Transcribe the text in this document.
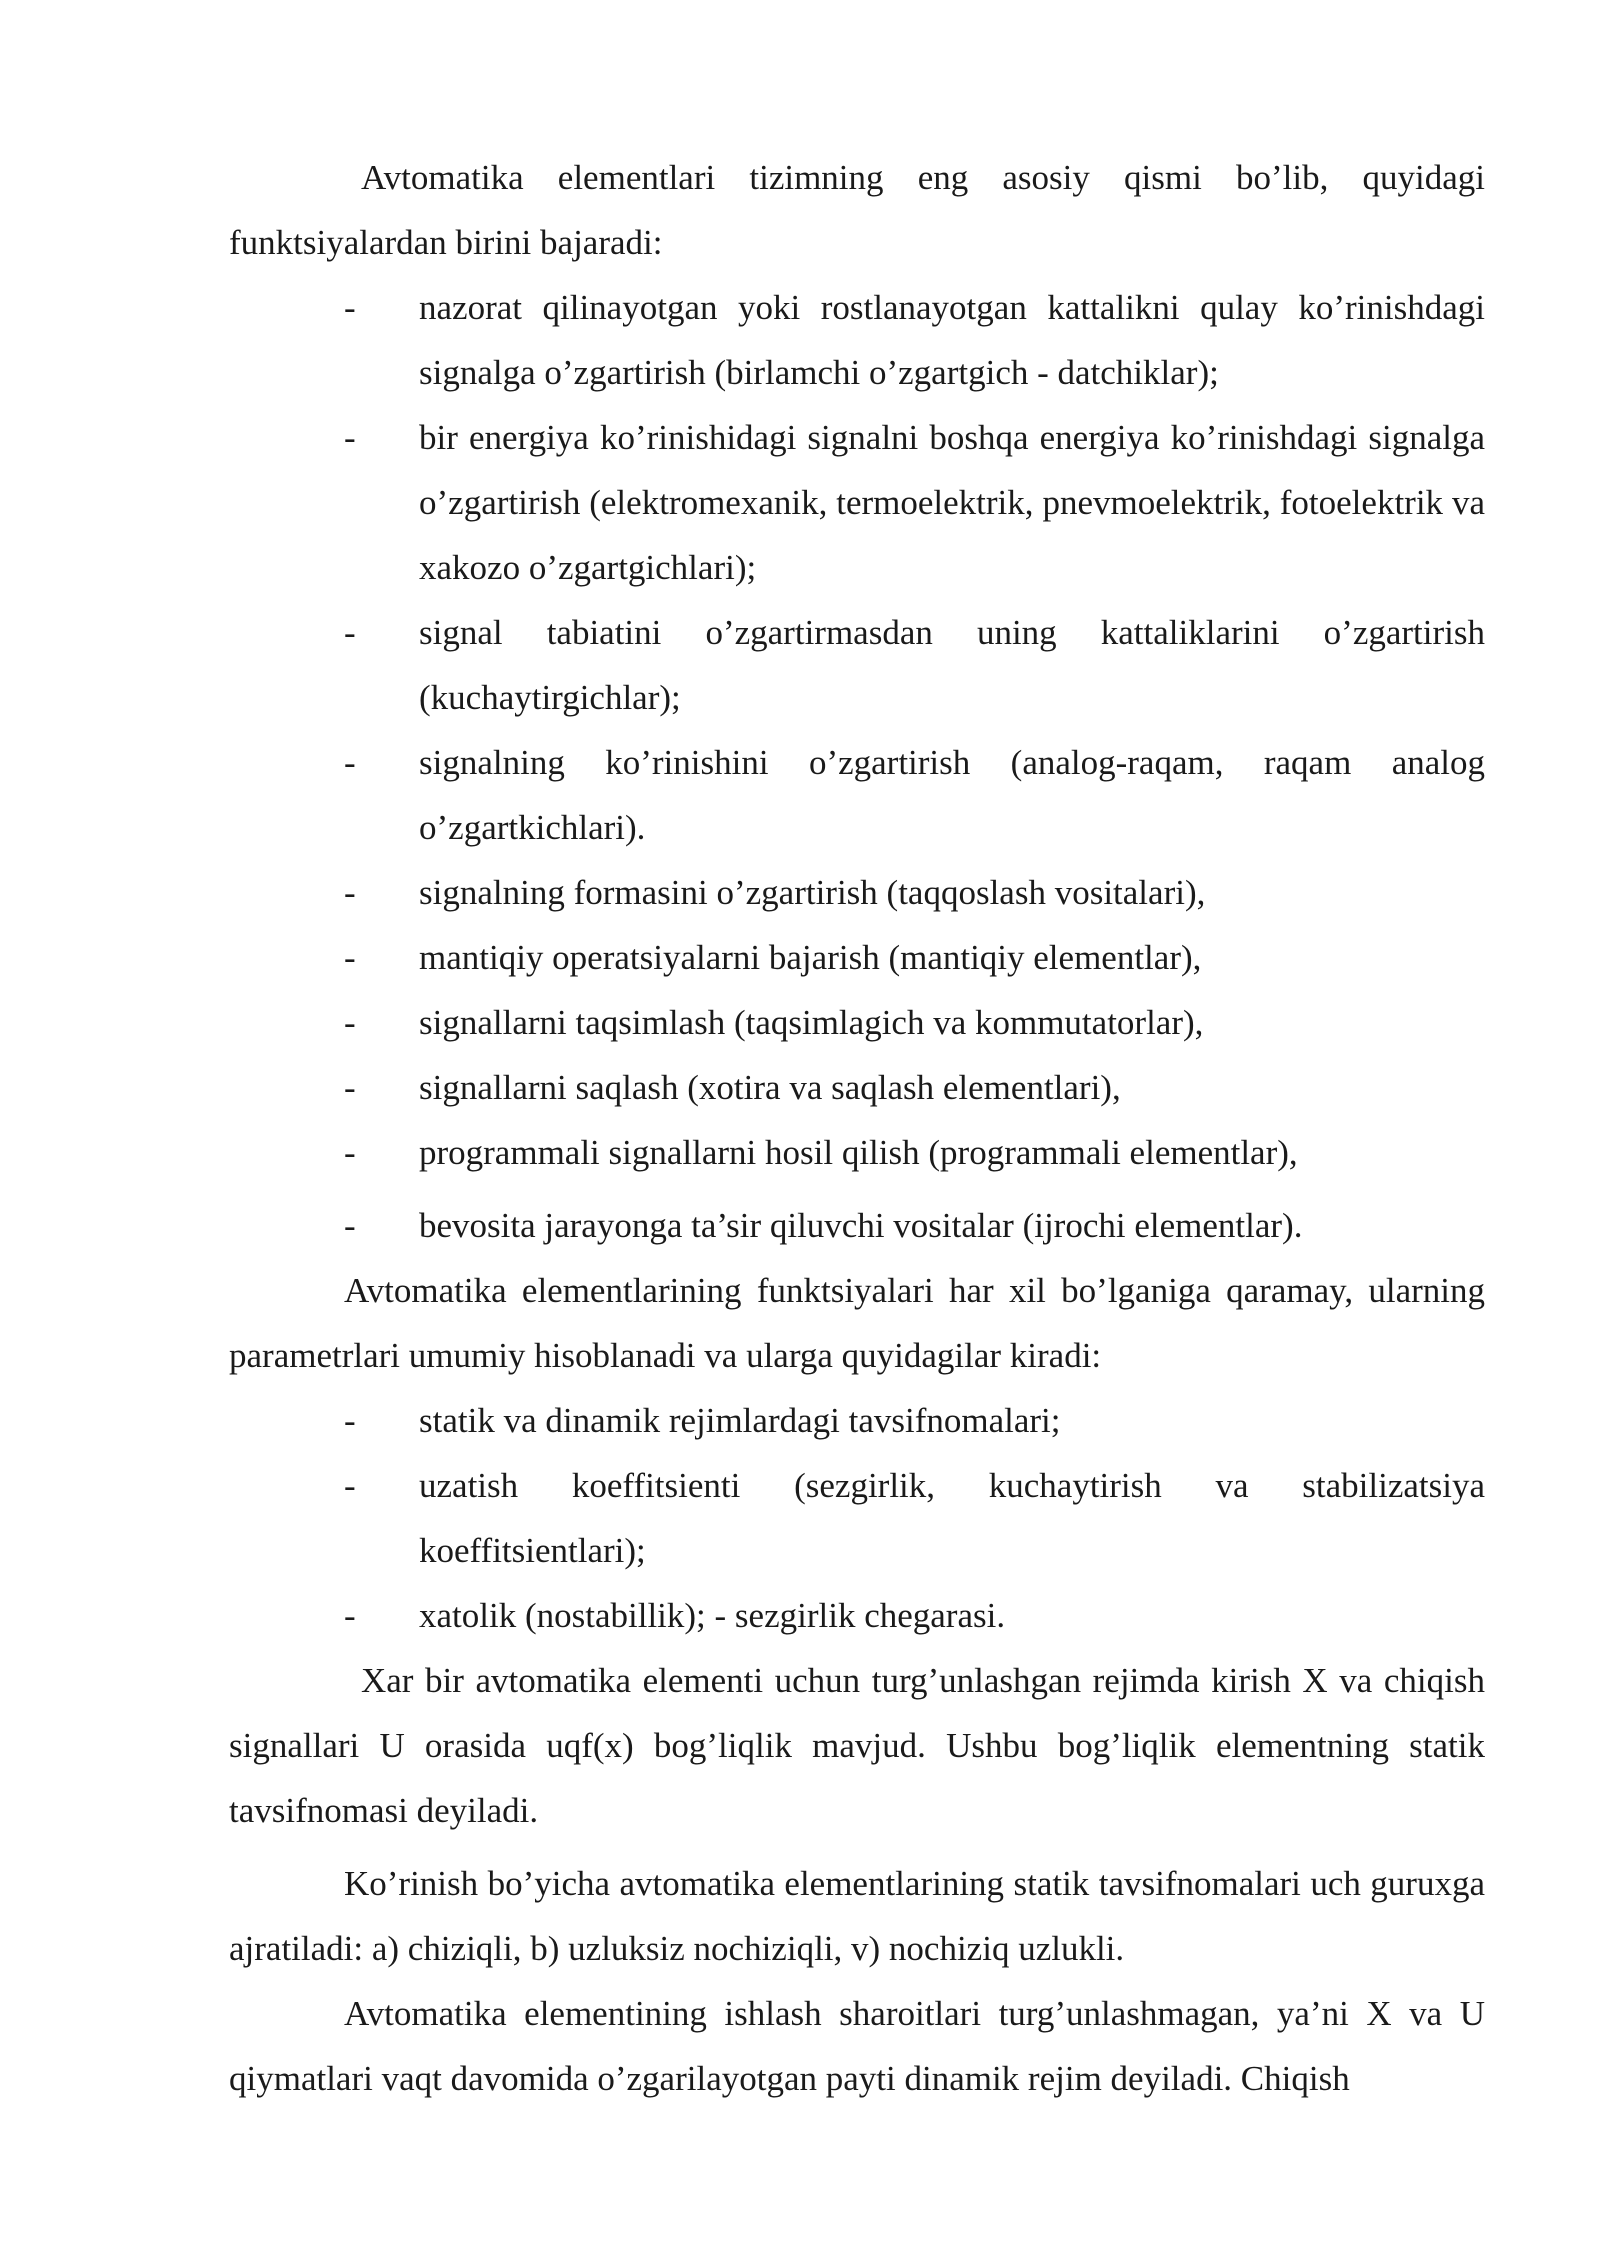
Avtomatika elementlari tizimning eng asosiy qismi bo’lib, quyidagi funktsiyalardan birini bajaradi:

- nazorat qilinayotgan yoki rostlanayotgan kattalikni qulay ko’rinishdagi signalga o’zgartirish (birlamchi o’zgartgich - datchiklar);

- bir energiya ko’rinishidagi signalni boshqa energiya ko’rinishdagi signalga o’zgartirish (elektromexanik, termoelektrik, pnevmoelektrik, fotoelektrik va xakozo o’zgartgichlari);

- signal tabiatini o’zgartirmasdan uning kattaliklarini o’zgartirish (kuchaytirgichlar);

- signalning ko’rinishini o’zgartirish (analog-raqam, raqam analog o’zgartkichlari).

- signalning formasini o’zgartirish (taqqoslash vositalari),

- mantiqiy operatsiyalarni bajarish (mantiqiy elementlar),

- signallarni taqsimlash (taqsimlagich va kommutatorlar),

- signallarni saqlash (xotira va saqlash elementlari),

- programmali signallarni hosil qilish (programmali elementlar),

- bevosita jarayonga ta’sir qiluvchi vositalar (ijrochi elementlar).

Avtomatika elementlarining funktsiyalari har xil bo’lganiga qaramay, ularning parametrlari umumiy hisoblanadi va ularga quyidagilar kiradi:

- statik va dinamik rejimlardagi tavsifnomalari;

- uzatish koeffitsienti (sezgirlik, kuchaytirish va stabilizatsiya koeffitsientlari);

- xatolik (nostabillik); - sezgirlik chegarasi.

Xar bir avtomatika elementi uchun turg’unlashgan rejimda kirish X va chiqish signallari U orasida uqf(x) bog’liqlik mavjud. Ushbu bog’liqlik elementning statik tavsifnomasi deyiladi.

Ko’rinish bo’yicha avtomatika elementlarining statik tavsifnomalari uch guruxga ajratiladi: a) chiziqli, b) uzluksiz nochiziqli, v) nochiziq uzlukli.

Avtomatika elementining ishlash sharoitlari turg’unlashmagan, ya’ni X va U qiymatlari vaqt davomida o’zgarilayotgan payti dinamik rejim deyiladi. Chiqish
